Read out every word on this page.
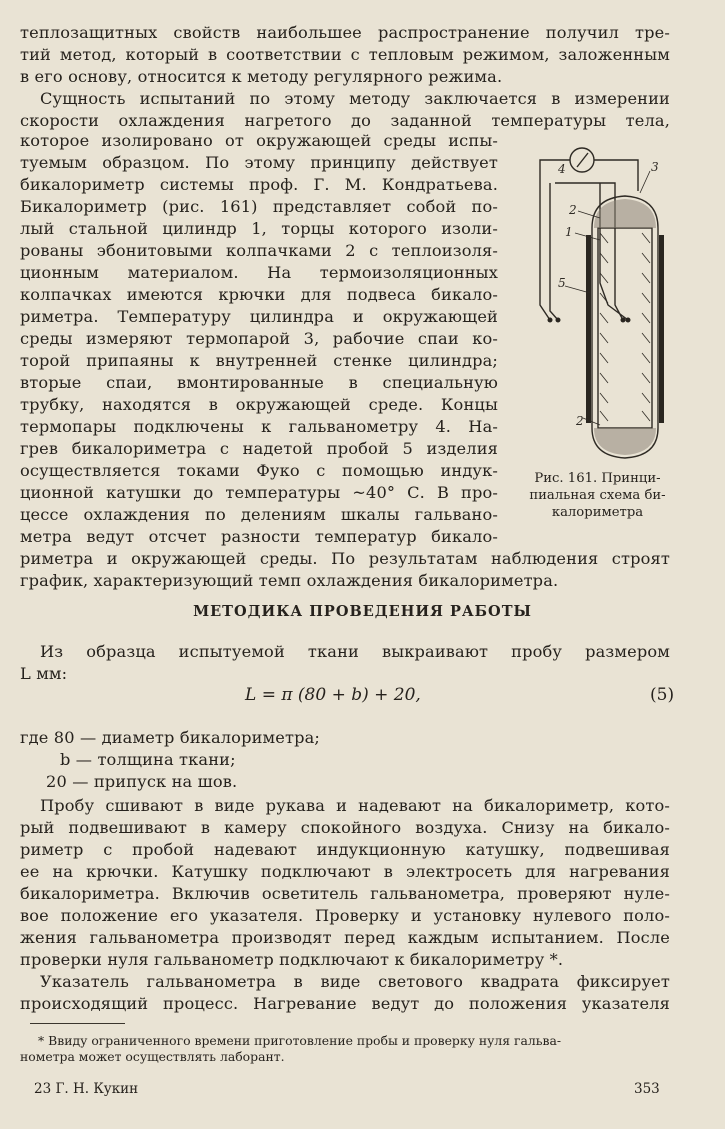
теплозащитных свойств наибольшее распространение получил тре-
тий метод, который в соответствии с тепловым режимом, заложенным
в его основу, относится к методу регулярного режима.
Сущность испытаний по этому методу заключается в измерении
скорости охлаждения нагретого до заданной температуры тела,
которое изолировано от окружающей среды испы-
туемым образцом. По этому принципу действует
бикалориметр системы проф. Г. М. Кондратьева.
Бикалориметр (рис. 161) представляет собой по-
лый стальной цилиндр 1, торцы которого изоли-
рованы эбонитовыми колпачками 2 с теплоизоля-
ционным материалом. На термоизоляционных
колпачках имеются крючки для подвеса бикало-
риметра. Температуру цилиндра и окружающей
среды измеряют термопарой 3, рабочие спаи ко-
торой припаяны к внутренней стенке цилиндра;
вторые спаи, вмонтированные в специальную
трубку, находятся в окружающей среде. Концы
термопары подключены к гальванометру 4. На-
грев бикалориметра с надетой пробой 5 изделия
осуществляется токами Фуко с помощью индук-
ционной катушки до температуры ~40° С. В про-
цессе охлаждения по делениям шкалы гальвано-
метра ведут отсчет разности температур бикало-
риметра и окружающей среды. По результатам наблюдения строят
график, характеризующий темп охлаждения бикалориметра.
1
2
2
3
4
5
Рис. 161. Принци-
пиальная схема би-
калориметра
МЕТОДИКА ПРОВЕДЕНИЯ РАБОТЫ
Из образца испытуемой ткани выкраивают пробу размером
L мм:
L = π (80 + b) + 20,	(5)
где 80 — диаметр бикалориметра;
b — толщина ткани;
20 — припуск на шов.
Пробу сшивают в виде рукава и надевают на бикалориметр, кото-
рый подвешивают в камеру спокойного воздуха. Снизу на бикало-
риметр с пробой надевают индукционную катушку, подвешивая
ее на крючки. Катушку подключают в электросеть для нагревания
бикалориметра. Включив осветитель гальванометра, проверяют нуле-
вое положение его указателя. Проверку и установку нулевого поло-
жения гальванометра производят перед каждым испытанием. После
проверки нуля гальванометр подключают к бикалориметру *.
Указатель гальванометра в виде светового квадрата фиксирует
происходящий процесс. Нагревание ведут до положения указателя
* Ввиду ограниченного времени приготовление пробы и проверку нуля гальва-
нометра может осуществлять лаборант.
23 Г. Н. Кукин	353
